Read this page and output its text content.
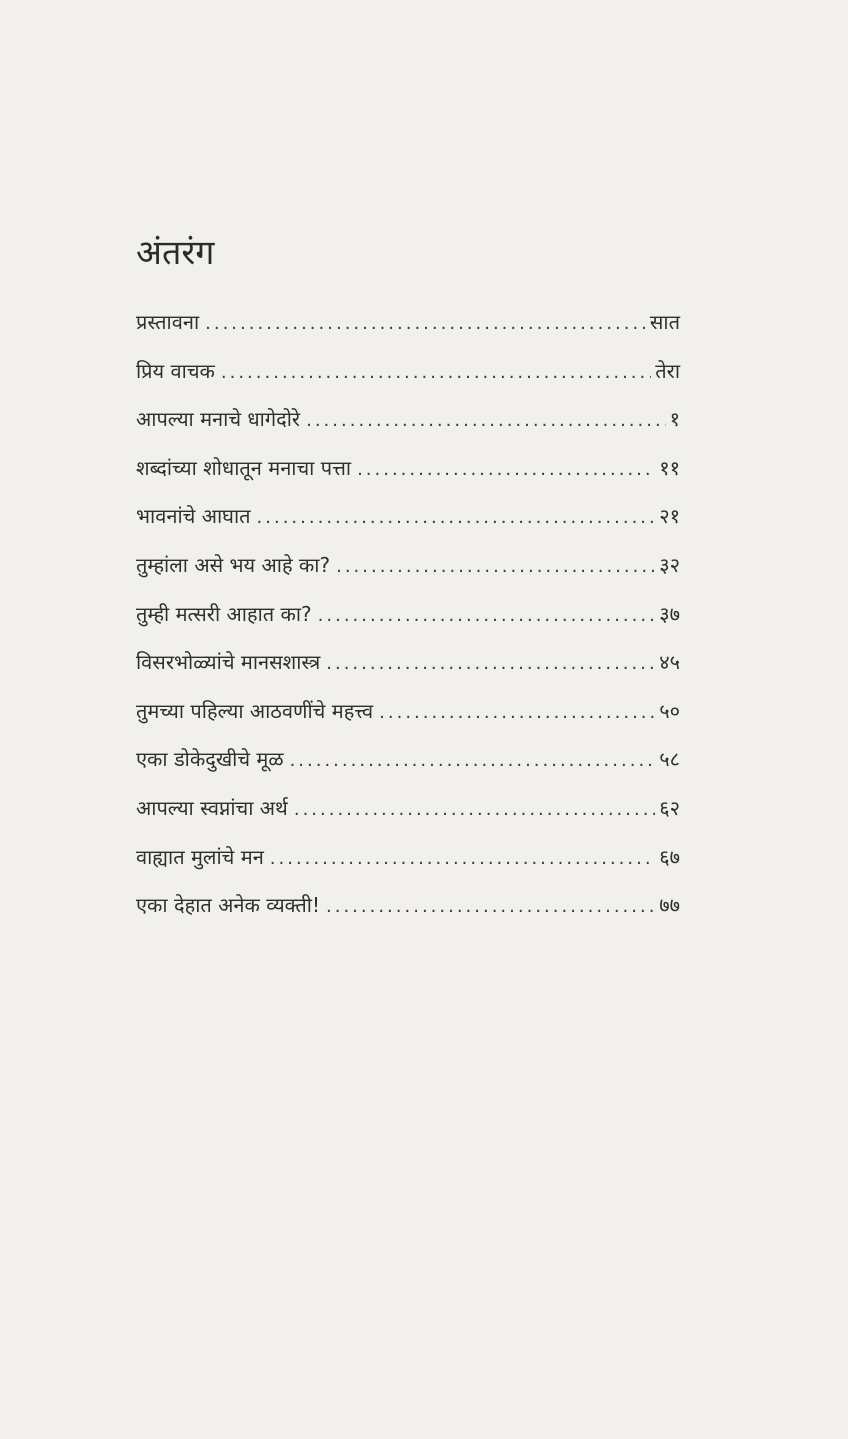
अंतरंग
प्रस्तावना .....	सात
प्रिय वाचक .....	तेरा
आपल्या मनाचे धागेदोरे .....	१
शब्दांच्या शोधातून मनाचा पत्ता .....	११
भावनांचे आघात .....	२१
तुम्हांला असे भय आहे का? .....	३२
तुम्ही मत्सरी आहात का? .....	३७
विसरभोळ्यांचे मानसशास्त्र .....	४५
तुमच्या पहिल्या आठवणींचे महत्त्व .....	५०
एका डोकेदुखीचे मूळ .....	५८
आपल्या स्वप्नांचा अर्थ .....	६२
वाह्यात मुलांचे मन .....	६७
एका देहात अनेक व्यक्ती! .....	७७
